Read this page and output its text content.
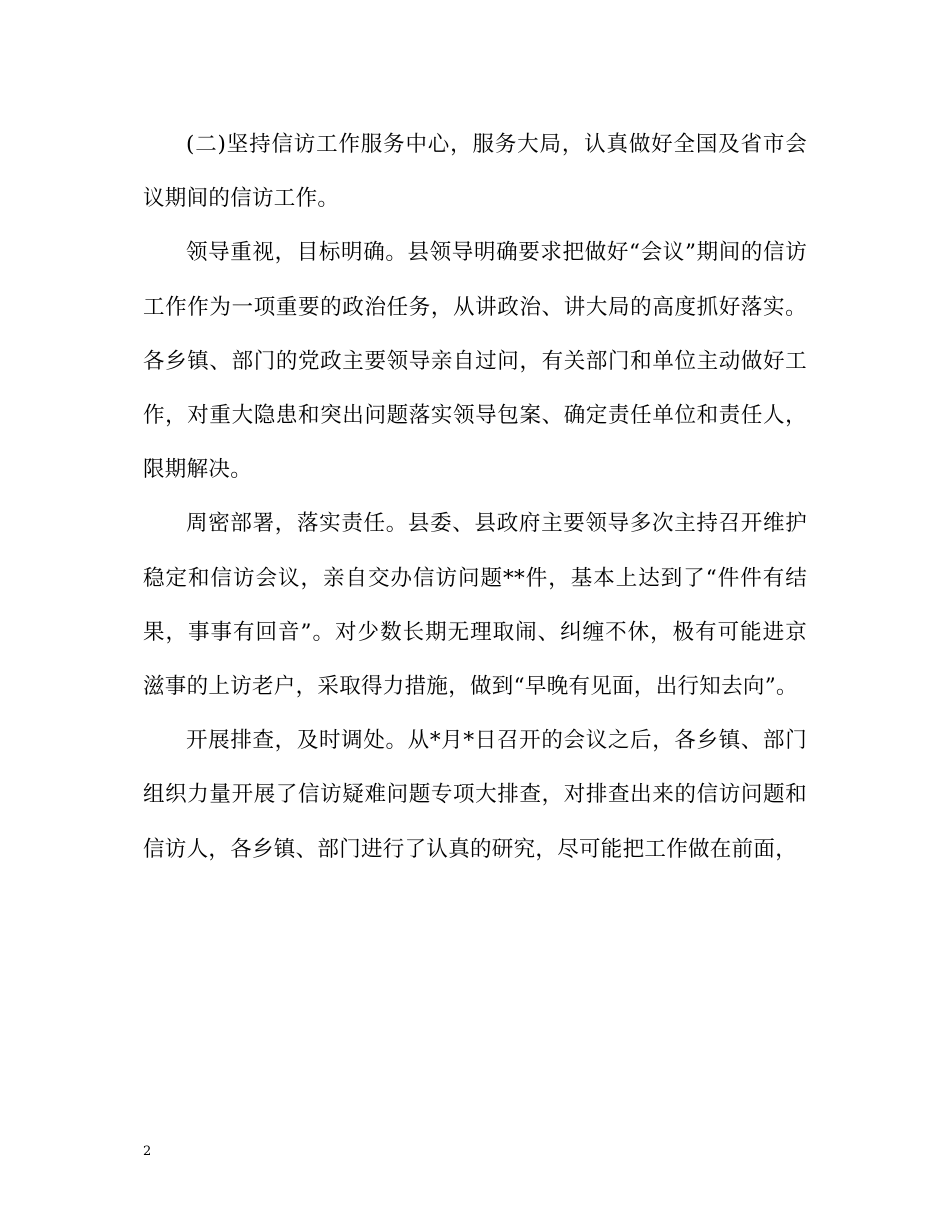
(二)坚持信访工作服务中心，服务大局，认真做好全国及省市会议期间的信访工作。

领导重视，目标明确。县领导明确要求把做好“会议”期间的信访工作作为一项重要的政治任务，从讲政治、讲大局的高度抓好落实。各乡镇、部门的党政主要领导亲自过问，有关部门和单位主动做好工作，对重大隐患和突出问题落实领导包案、确定责任单位和责任人，限期解决。

周密部署，落实责任。县委、县政府主要领导多次主持召开维护稳定和信访会议，亲自交办信访问题**件，基本上达到了“件件有结果，事事有回音”。对少数长期无理取闹、纠缠不休，极有可能进京滋事的上访老户，采取得力措施，做到“早晚有见面，出行知去向”。

开展排查，及时调处。从*月*日召开的会议之后，各乡镇、部门组织力量开展了信访疑难问题专项大排查，对排查出来的信访问题和信访人，各乡镇、部门进行了认真的研究，尽可能把工作做在前面，

2
